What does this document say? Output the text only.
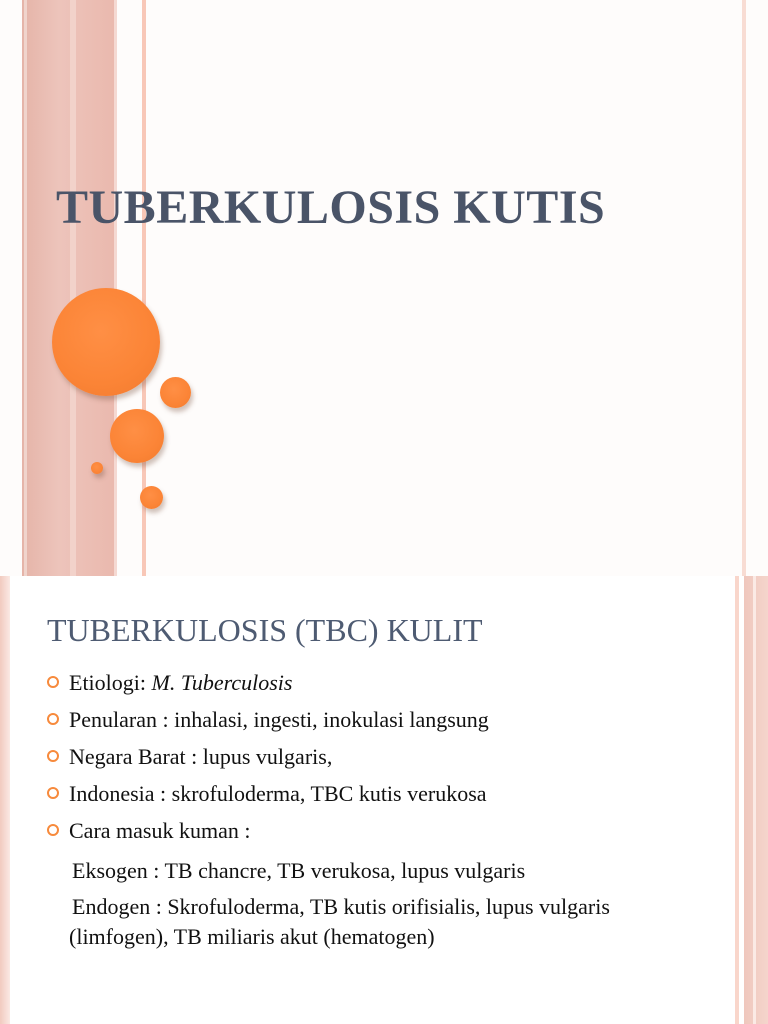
TUBERKULOSIS KUTIS
TUBERKULOSIS (TBC) KULIT
Etiologi: M. Tuberculosis
Penularan : inhalasi, ingesti, inokulasi langsung
Negara Barat : lupus vulgaris,
Indonesia : skrofuloderma, TBC kutis verukosa
Cara masuk kuman :
Eksogen : TB chancre, TB verukosa, lupus vulgaris
Endogen : Skrofuloderma, TB kutis orifisialis, lupus vulgaris
(limfogen), TB miliaris akut (hematogen)
